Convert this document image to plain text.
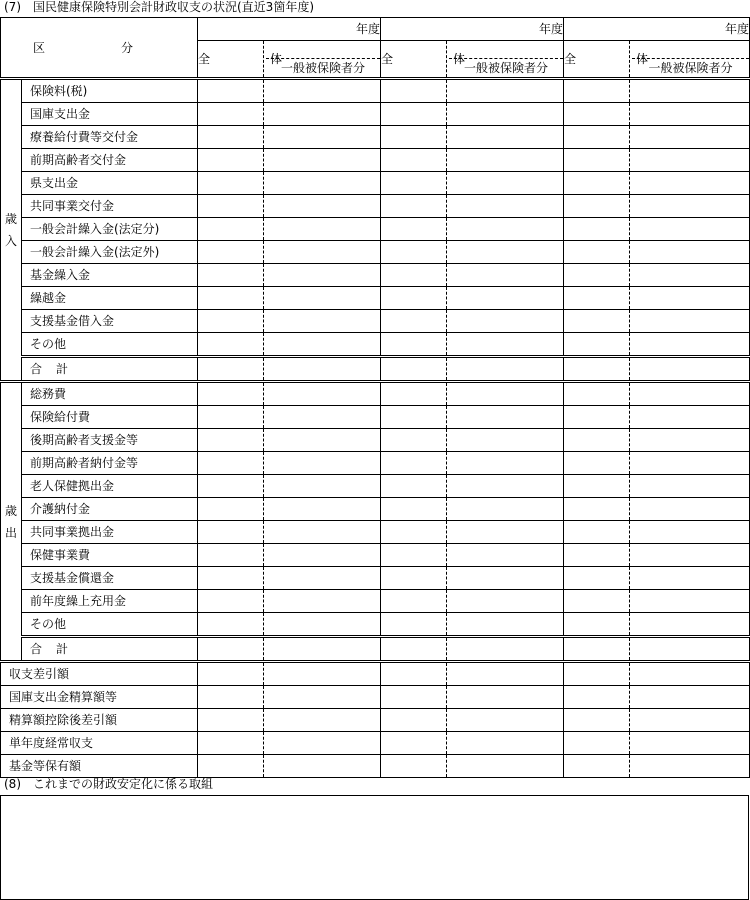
(7)　国民健康保険特別会計財政収支の状況(直近3箇年度)
区　分		年度		年度		年度	
		全　体	一般被保険者分	全　体	一般被保険者分	全　体	一般被保険者分

歳入	保険料(税)						
	国庫支出金						
	療養給付費等交付金						
	前期高齢者交付金						
	県支出金						
	共同事業交付金						
	一般会計繰入金(法定分)						
	一般会計繰入金(法定外)						
	基金繰入金						
	繰越金						
	支援基金借入金						
	その他						
	合計						
歳出	総務費						
	保険給付費						
	後期高齢者支援金等						
	前期高齢者納付金等						
	老人保健拠出金						
	介護納付金						
	共同事業拠出金						
	保健事業費						
	支援基金償還金						
	前年度繰上充用金						
	その他						
	合計						
収支差引額							
国庫支出金精算額等							
精算額控除後差引額							
単年度経常収支							
基金等保有額							
(8)　これまでの財政安定化に係る取組
